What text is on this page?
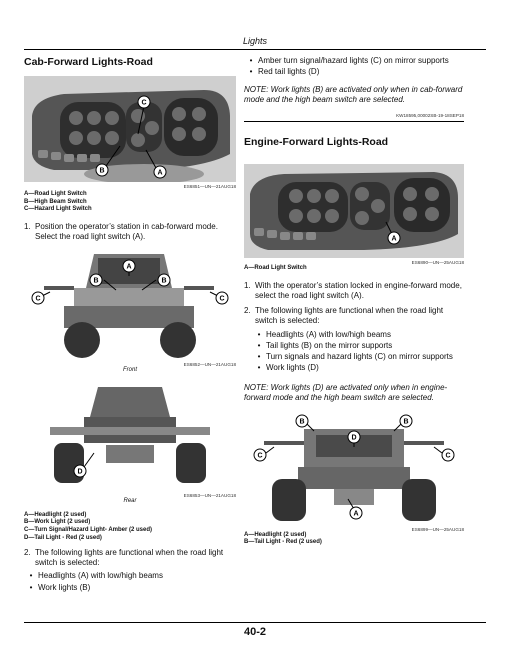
Lights
Cab-Forward Lights-Road
C
B	A
ES6851—UN—21AUG18
A—Road Light Switch
B—High Beam Switch
C—Hazard Light Switch
1. Position the operator’s station in cab-forward mode. Select the road light switch (A).
A
B	B
C	C
ES6852—UN—21AUG18
Front
D
ES6853—UN—21AUG18
Rear
A—Headlight (2 used)
B—Work Light (2 used)
C—Turn Signal/Hazard Light- Amber (2 used)
D—Tail Light - Red (2 used)
2. The following lights are functional when the road light switch is selected:
• Headlights (A) with low/high beams
• Work lights (B)
• Amber turn signal/hazard lights (C) on mirror supports
• Red tail lights (D)
NOTE: Work lights (B) are activated only when in cab-forward mode and the high beam switch are selected.
KW18595,00002SB-19-18SEP18
Engine-Forward Lights-Road
A
ES6890—UN—25AUG18
A—Road Light Switch
1. With the operator’s station locked in engine-forward mode, select the road light switch (A).
2. The following lights are functional when the road light switch is selected:
• Headlights (A) with low/high beams
• Tail lights (B) on the mirror supports
• Turn signals and hazard lights (C) on mirror supports
• Work lights (D)
NOTE: Work lights (D) are activated only when in engine-forward mode and the high beam switch are selected.
B	B
D
C	C
A
ES6899—UN—25AUG18
A—Headlight (2 used)
B—Tail Light - Red (2 used)
40-2
